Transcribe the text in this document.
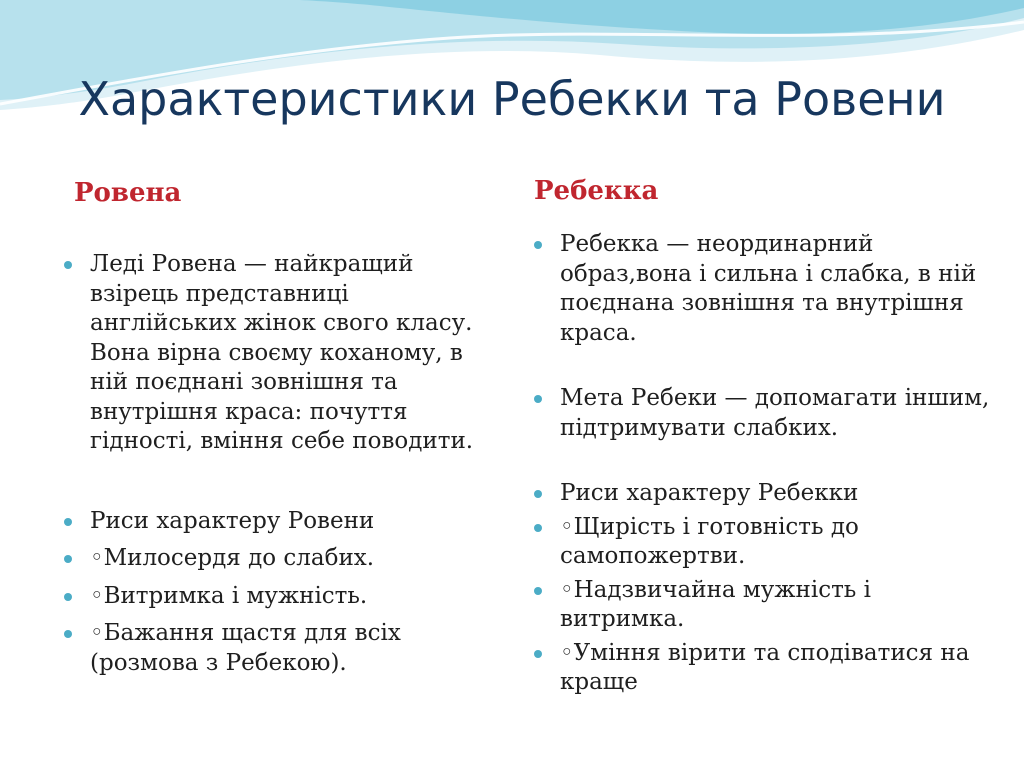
Характеристики Ребекки та Ровени
Ровена
Леді Ровена — найкращий взірець представниці англійських жінок свого класу. Вона вірна своєму коханому, в ній поєднані зовнішня та внутрішня краса: почуття гідності, вміння себе поводити.
Риси характеру Ровени
◦Милосердя до слабих.
◦Витримка і мужність.
◦Бажання щастя для всіх (розмова з Ребекою).
Ребекка
Ребекка — неординарний образ,вона і сильна і слабка, в ній поєднана зовнішня та внутрішня краса.
Мета Ребеки — допомагати іншим, підтримувати слабких.
Риси характеру Ребекки
◦Щирість і готовність до самопожертви.
◦Надзвичайна мужність і витримка.
◦Уміння вірити та сподіватися на краще
